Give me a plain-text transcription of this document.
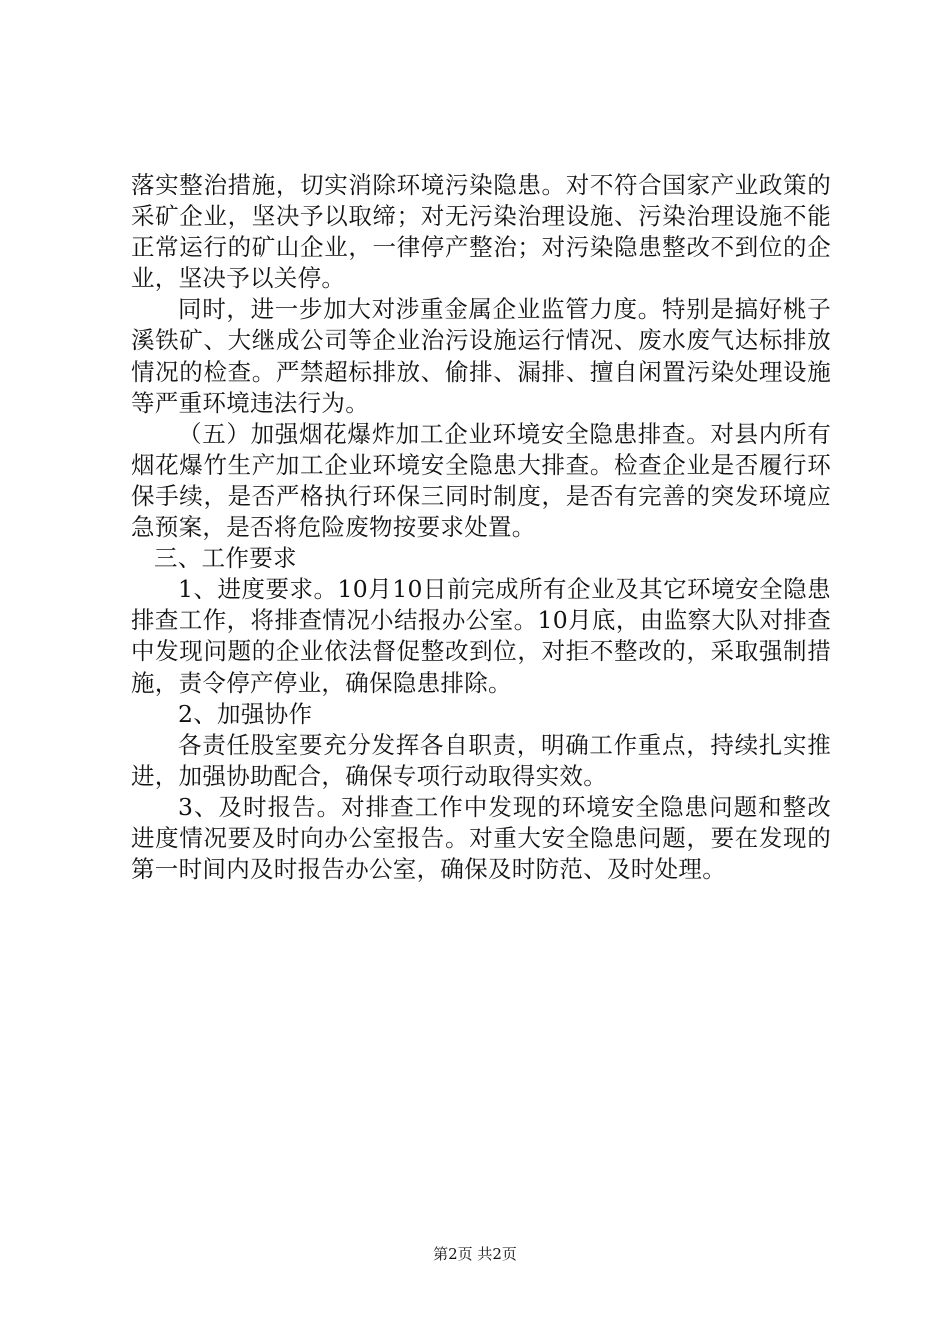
落实整治措施，切实消除环境污染隐患。对不符合国家产业政策的采矿企业，坚决予以取缔；对无污染治理设施、污染治理设施不能正常运行的矿山企业，一律停产整治；对污染隐患整改不到位的企业，坚决予以关停。

同时，进一步加大对涉重金属企业监管力度。特别是搞好桃子溪铁矿、大继成公司等企业治污设施运行情况、废水废气达标排放情况的检查。严禁超标排放、偷排、漏排、擅自闲置污染处理设施等严重环境违法行为。

（五）加强烟花爆炸加工企业环境安全隐患排查。对县内所有烟花爆竹生产加工企业环境安全隐患大排查。检查企业是否履行环保手续，是否严格执行环保三同时制度，是否有完善的突发环境应急预案，是否将危险废物按要求处置。

三、工作要求

1、进度要求。10月10日前完成所有企业及其它环境安全隐患排查工作，将排查情况小结报办公室。10月底，由监察大队对排查中发现问题的企业依法督促整改到位，对拒不整改的，采取强制措施，责令停产停业，确保隐患排除。

2、加强协作

各责任股室要充分发挥各自职责，明确工作重点，持续扎实推进，加强协助配合，确保专项行动取得实效。

3、及时报告。对排查工作中发现的环境安全隐患问题和整改进度情况要及时向办公室报告。对重大安全隐患问题，要在发现的第一时间内及时报告办公室，确保及时防范、及时处理。

第2页 共2页
